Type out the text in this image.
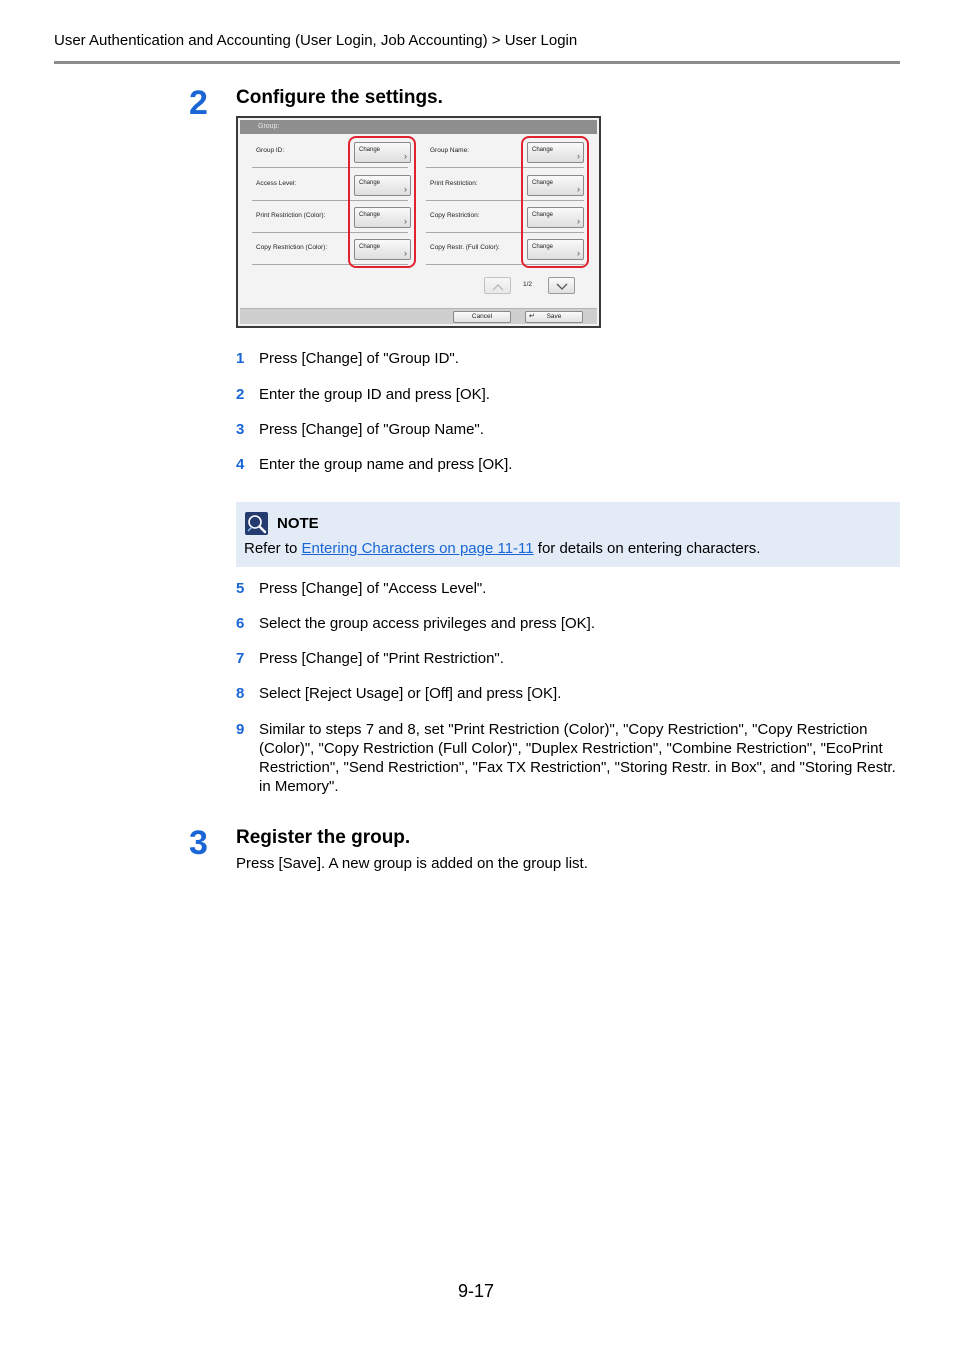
User Authentication and Accounting (User Login, Job Accounting) > User Login
2 Configure the settings.
Group:
Group ID:
Access Level:
Print Restriction (Color):
Copy Restriction (Color):
Change
›
Change
›
Change
›
Change
›
Group Name:
Print Restriction:
Copy Restriction:
Copy Restr. (Full Color):
Change
›
Change
›
Change
›
Change
›
1/2
Cancel	↵ Save
1 Press [Change] of "Group ID".
2 Enter the group ID and press [OK].
3 Press [Change] of "Group Name".
4 Enter the group name and press [OK].
NOTE
Refer to Entering Characters on page 11-11 for details on entering characters.
5 Press [Change] of "Access Level".
6 Select the group access privileges and press [OK].
7 Press [Change] of "Print Restriction".
8 Select [Reject Usage] or [Off] and press [OK].
9 Similar to steps 7 and 8, set "Print Restriction (Color)", "Copy Restriction", "Copy Restriction (Color)", "Copy Restriction (Full Color)", "Duplex Restriction", "Combine Restriction", "EcoPrint Restriction", "Send Restriction", "Fax TX Restriction", "Storing Restr. in Box", and "Storing Restr. in Memory".
3 Register the group.
Press [Save]. A new group is added on the group list.
9-17
